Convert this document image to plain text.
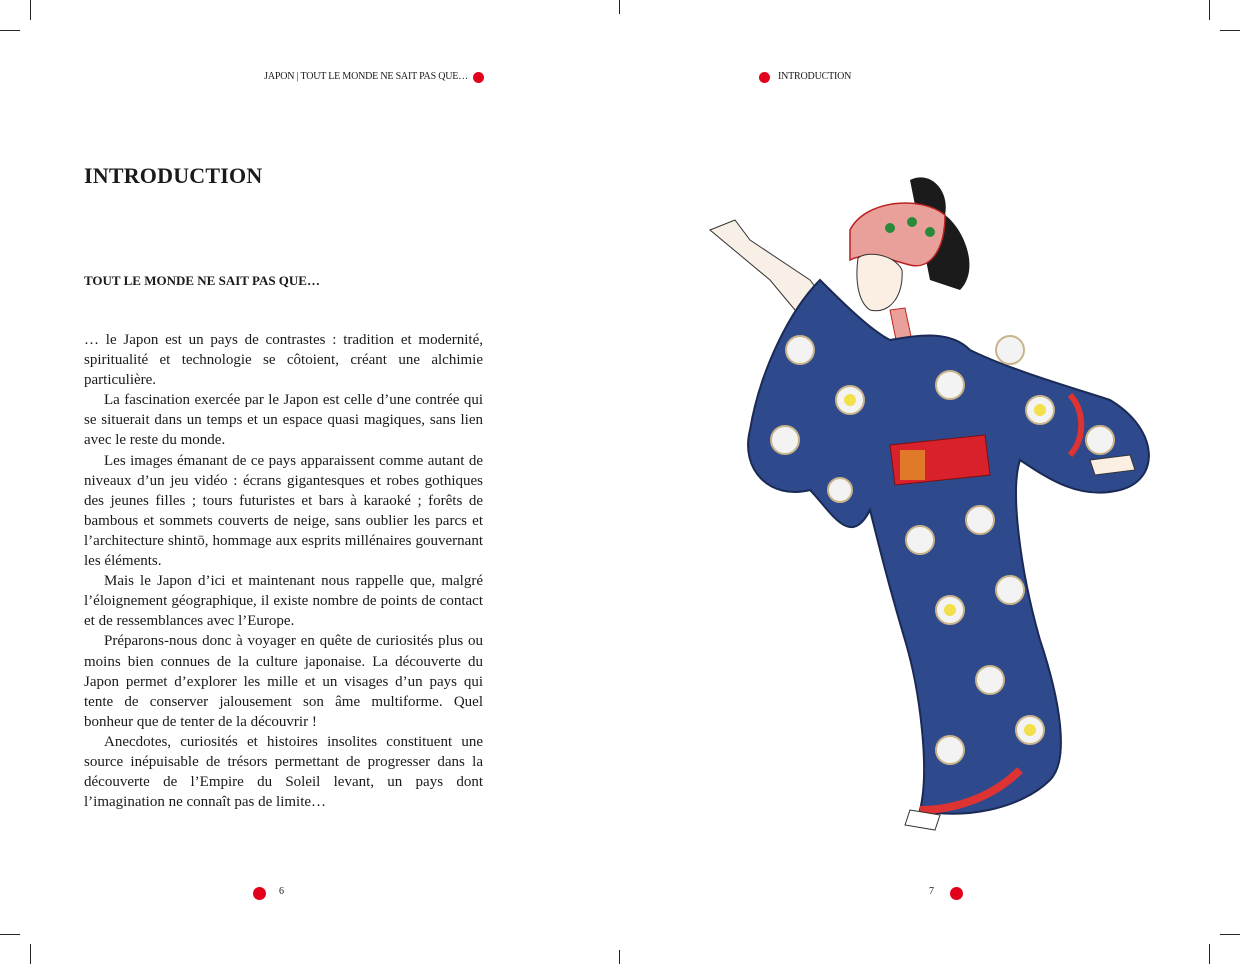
JAPON | TOUT LE MONDE NE SAIT PAS QUE…
INTRODUCTION
TOUT LE MONDE NE SAIT PAS QUE…

… le Japon est un pays de contrastes : tradition et modernité, spiritualité et technologie se côtoient, créant une alchimie particulière.

La fascination exercée par le Japon est celle d’une contrée qui se situerait dans un temps et un espace quasi magiques, sans lien avec le reste du monde.

Les images émanant de ce pays apparaissent comme autant de niveaux d’un jeu vidéo : écrans gigantesques et robes gothiques des jeunes filles ; tours futuristes et bars à karaoké ; forêts de bambous et sommets couverts de neige, sans oublier les parcs et l’architecture shintō, hommage aux esprits millénaires gouvernant les éléments.

Mais le Japon d’ici et maintenant nous rappelle que, malgré l’éloignement géographique, il existe nombre de points de contact et de ressemblances avec l’Europe.

Préparons-nous donc à voyager en quête de curiosités plus ou moins bien connues de la culture japonaise. La découverte du Japon permet d’explorer les mille et un visages d’un pays qui tente de conserver jalousement son âme multiforme. Quel bonheur que de tenter de la découvrir !

Anecdotes, curiosités et histoires insolites constituent une source inépuisable de trésors permettant de progresser dans la découverte de l’Empire du Soleil levant, un pays dont l’imagination ne connaît pas de limite…

6
INTRODUCTION
7
